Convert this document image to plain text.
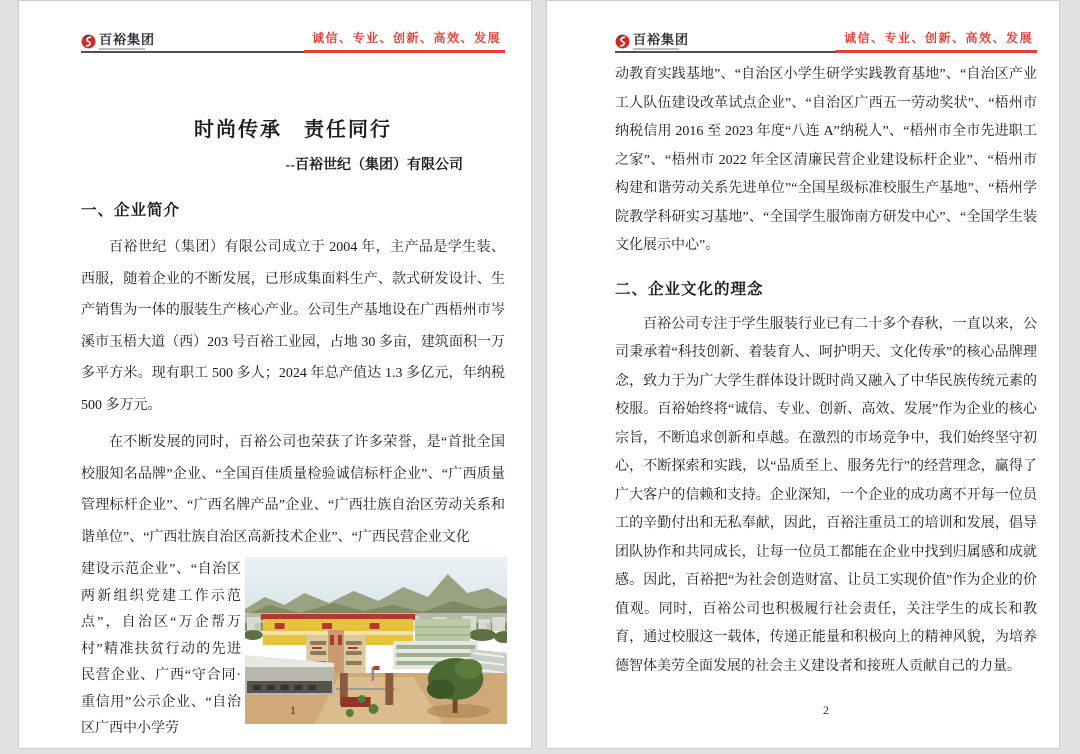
百裕集团	诚信、专业、创新、高效、发展
时尚传承　责任同行
--百裕世纪（集团）有限公司
一、企业简介

百裕世纪（集团）有限公司成立于 2004 年，主产品是学生装、西服，随着企业的不断发展，已形成集面料生产、款式研发设计、生产销售为一体的服装生产核心产业。公司生产基地设在广西梧州市岑溪市玉梧大道（西）203 号百裕工业园，占地 30 多亩，建筑面积一万多平方米。现有职工 500 多人；2024 年总产值达 1.3 多亿元，年纳税 500 多万元。

在不断发展的同时，百裕公司也荣获了许多荣誉，是“首批全国校服知名品牌”企业、“全国百佳质量检验诚信标杆企业”、“广西质量管理标杆企业”、“广西名牌产品”企业、“广西壮族自治区劳动关系和谐单位”、“广西壮族自治区高新技术企业”、“广西民营企业文化

建设示范企业”、“自治区两新组织党建工作示范点”，自治区“万企帮万村”精准扶贫行动的先进民营企业、广西“守合同·重信用”公示企业、“自治区广西中小学劳
1
百裕集团	诚信、专业、创新、高效、发展

动教育实践基地”、“自治区小学生研学实践教育基地”、“自治区产业工人队伍建设改革试点企业”、“自治区广西五一劳动奖状”、“梧州市纳税信用 2016 至 2023 年度“八连 A”纳税人”、“梧州市全市先进职工之家”、“梧州市 2022 年全区清廉民营企业建设标杆企业”、“梧州市构建和谐劳动关系先进单位”“全国星级标准校服生产基地”、“梧州学院教学科研实习基地”、“全国学生服饰南方研发中心”、“全国学生装文化展示中心”。

二、企业文化的理念

百裕公司专注于学生服装行业已有二十多个春秋，一直以来，公司秉承着“科技创新、着装育人、呵护明天、文化传承”的核心品牌理念，致力于为广大学生群体设计既时尚又融入了中华民族传统元素的校服。百裕始终将“诚信、专业、创新、高效、发展”作为企业的核心宗旨，不断追求创新和卓越。在激烈的市场竞争中，我们始终坚守初心，不断探索和实践，以“品质至上、服务先行”的经营理念，赢得了广大客户的信赖和支持。企业深知，一个企业的成功离不开每一位员工的辛勤付出和无私奉献，因此，百裕注重员工的培训和发展，倡导团队协作和共同成长，让每一位员工都能在企业中找到归属感和成就感。因此，百裕把“为社会创造财富、让员工实现价值”作为企业的价值观。同时，百裕公司也积极履行社会责任，关注学生的成长和教育，通过校服这一载体，传递正能量和积极向上的精神风貌，为培养德智体美劳全面发展的社会主义建设者和接班人贡献自己的力量。

2
